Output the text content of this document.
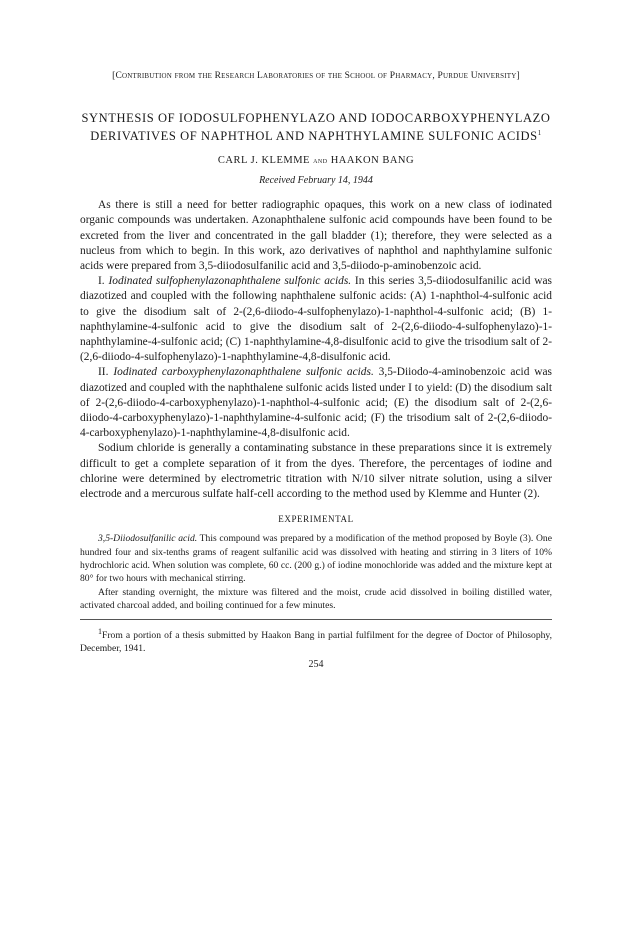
[Contribution from the Research Laboratories of the School of Pharmacy, Purdue University]

SYNTHESIS OF IODOSULFOPHENYLAZO AND IODOCARBOXYPHENYLAZO DERIVATIVES OF NAPHTHOL AND NAPHTHYLAMINE SULFONIC ACIDS$^1$

CARL J. KLEMME and HAAKON BANG

Received February 14, 1944

As there is still a need for better radiographic opaques, this work on a new class of iodinated organic compounds was undertaken. Azonaphthalene sulfonic acid compounds have been found to be excreted from the liver and concentrated in the gall bladder (1); therefore, they were selected as a nucleus from which to begin. In this work, azo derivatives of naphthol and naphthylamine sulfonic acids were prepared from 3,5-diiodosulfanilic acid and 3,5-diiodo-p-aminobenzoic acid.

I. Iodinated sulfophenylazonaphthalene sulfonic acids. In this series 3,5-diiodosulfanilic acid was diazotized and coupled with the following naphthalene sulfonic acids: (A) 1-naphthol-4-sulfonic acid to give the disodium salt of 2-(2,6-diiodo-4-sulfophenylazo)-1-naphthol-4-sulfonic acid; (B) 1-naphthylamine-4-sulfonic acid to give the disodium salt of 2-(2,6-diiodo-4-sulfophenylazo)-1-naphthylamine-4-sulfonic acid; (C) 1-naphthylamine-4,8-disulfonic acid to give the trisodium salt of 2-(2,6-diiodo-4-sulfophenylazo)-1-naphthylamine-4,8-disulfonic acid.

II. Iodinated carboxyphenylazonaphthalene sulfonic acids. 3,5-Diiodo-4-aminobenzoic acid was diazotized and coupled with the naphthalene sulfonic acids listed under I to yield: (D) the disodium salt of 2-(2,6-diiodo-4-carboxyphenylazo)-1-naphthol-4-sulfonic acid; (E) the disodium salt of 2-(2,6-diiodo-4-carboxyphenylazo)-1-naphthylamine-4-sulfonic acid; (F) the trisodium salt of 2-(2,6-diiodo-4-carboxyphenylazo)-1-naphthylamine-4,8-disulfonic acid.

Sodium chloride is generally a contaminating substance in these preparations since it is extremely difficult to get a complete separation of it from the dyes. Therefore, the percentages of iodine and chlorine were determined by electrometric titration with N/10 silver nitrate solution, using a silver electrode and a mercurous sulfate half-cell according to the method used by Klemme and Hunter (2).

EXPERIMENTAL

3,5-Diiodosulfanilic acid. This compound was prepared by a modification of the method proposed by Boyle (3). One hundred four and six-tenths grams of reagent sulfanilic acid was dissolved with heating and stirring in 3 liters of 10% hydrochloric acid. When solution was complete, 60 cc. (200 g.) of iodine monochloride was added and the mixture kept at 80° for two hours with mechanical stirring.

After standing overnight, the mixture was filtered and the moist, crude acid dissolved in boiling distilled water, activated charcoal added, and boiling continued for a few minutes.

$^1$From a portion of a thesis submitted by Haakon Bang in partial fulfilment for the degree of Doctor of Philosophy, December, 1941.

254
